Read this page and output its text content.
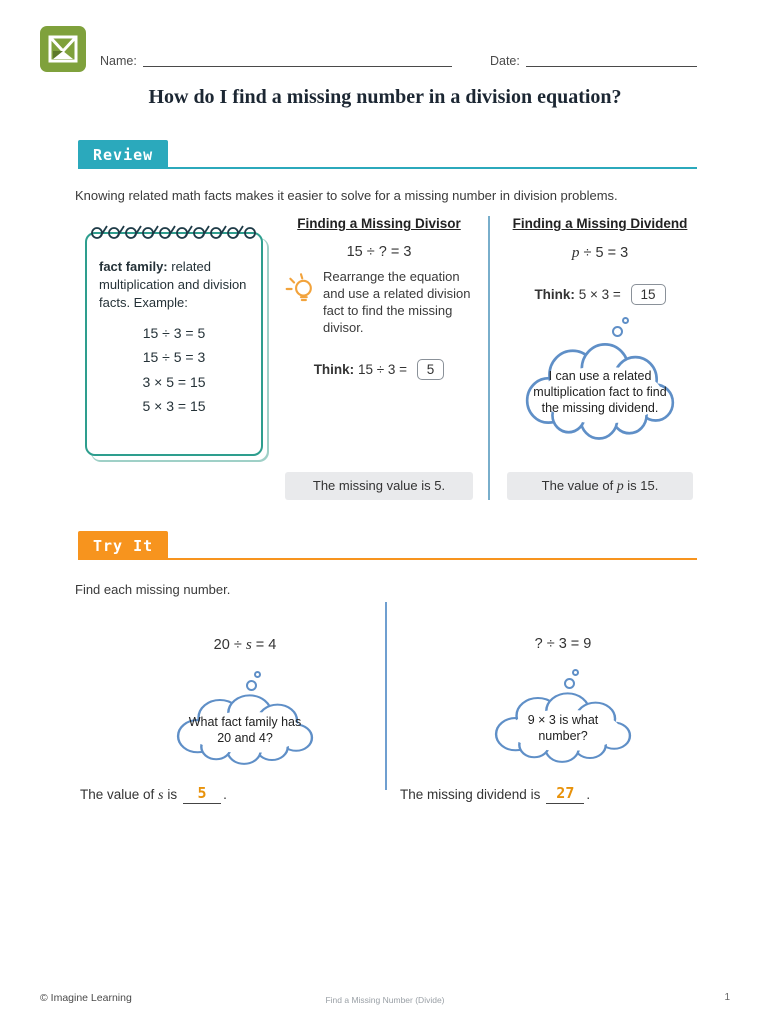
Name:	Date:
How do I find a missing number in a division equation?
Review

Knowing related math facts makes it easier to solve for a missing number in division problems.

fact family: related multiplication and division facts. Example:
15 ÷ 3 = 5
15 ÷ 5 = 3
3 × 5 = 15
5 × 3 = 15
Finding a Missing Divisor
15 ÷ ? = 3
Rearrange the equation and use a related division fact to find the missing divisor.
Think: 15 ÷ 3 = 5
The missing value is 5.
Finding a Missing Dividend
p ÷ 5 = 3
Think: 5 × 3 = 15
I can use a related multiplication fact to find the missing dividend.
The value of p is 15.
Try It

Find each missing number.

20 ÷ s = 4
What fact family has 20 and 4?
? ÷ 3 = 9
9 × 3 is what number?
The value of s is 5 .	The missing dividend is 27 .
© Imagine Learning	Find a Missing Number (Divide)	1
